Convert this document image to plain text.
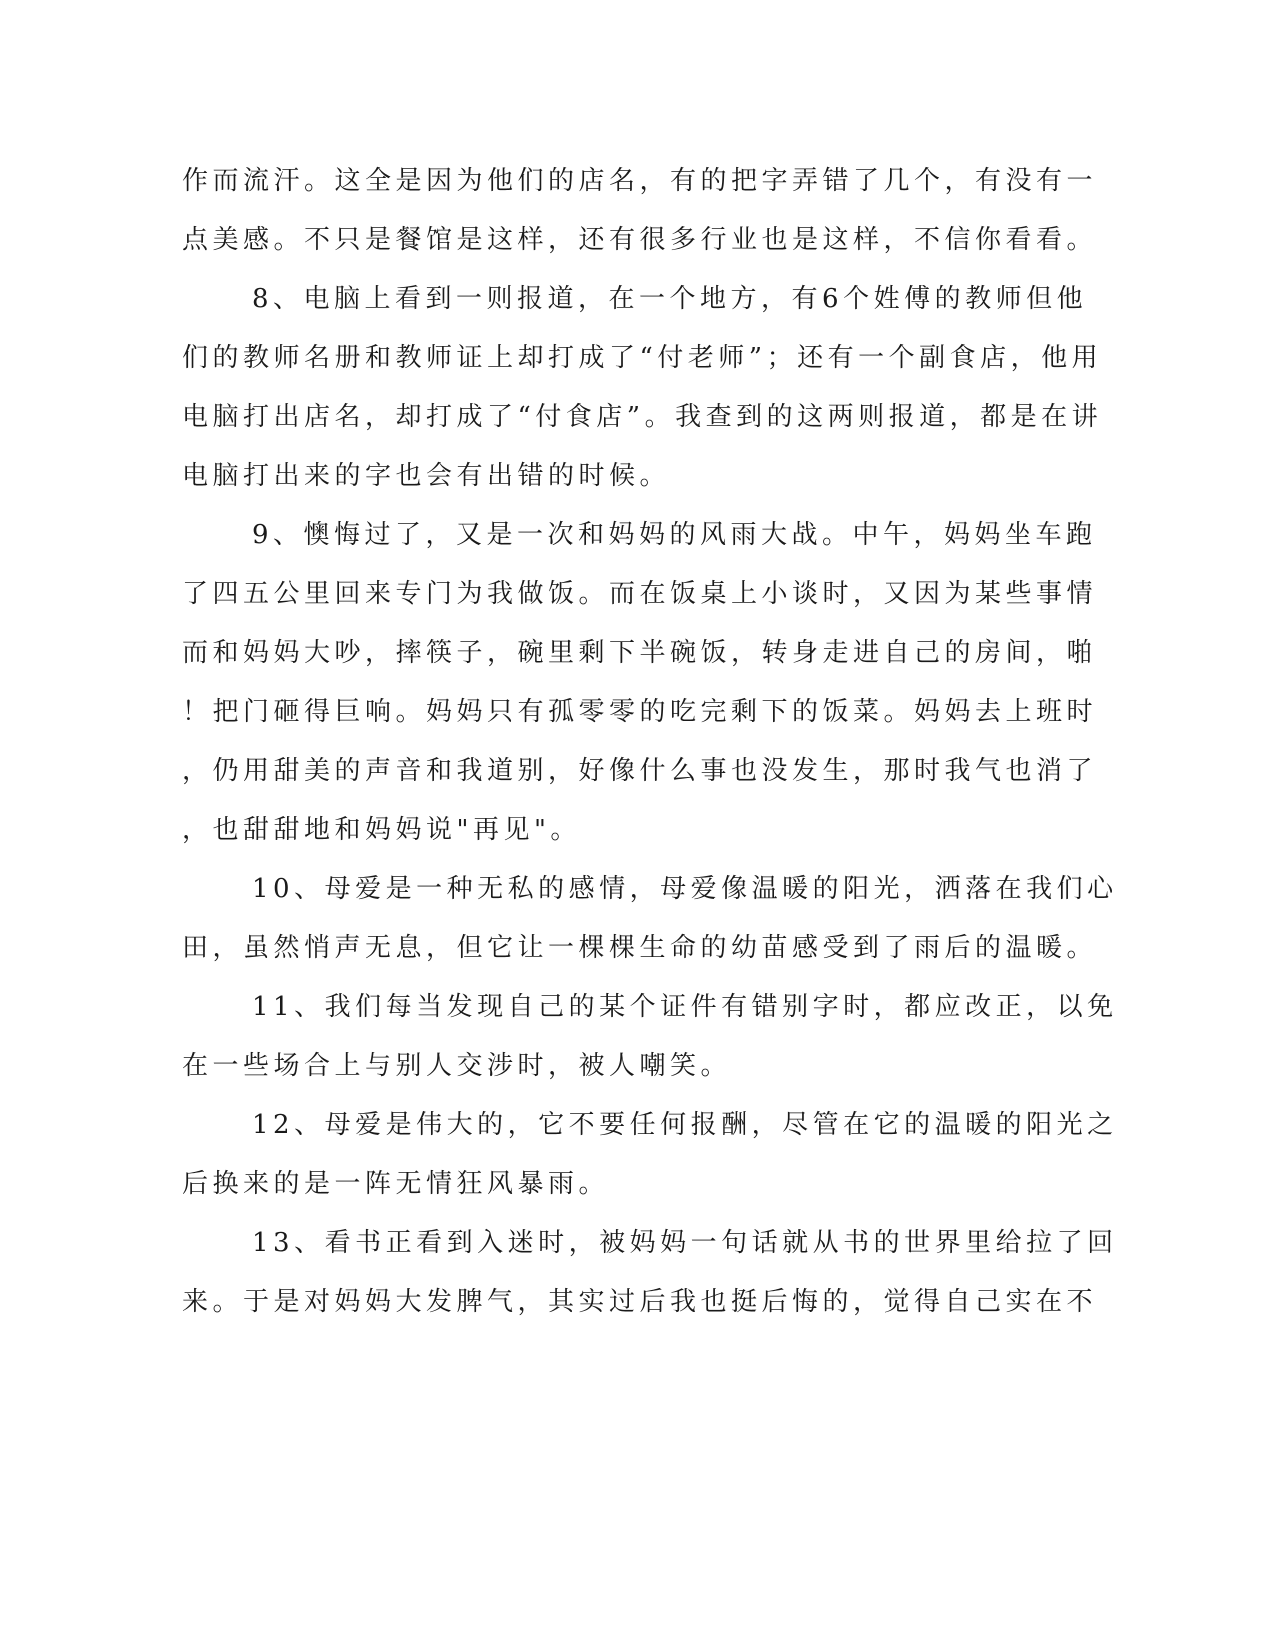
作而流汗。这全是因为他们的店名，有的把字弄错了几个，有没有一
点美感。不只是餐馆是这样，还有很多行业也是这样，不信你看看。
8、电脑上看到一则报道，在一个地方，有6个姓傅的教师但他
们的教师名册和教师证上却打成了“付老师”；还有一个副食店，他用
电脑打出店名，却打成了“付食店”。我查到的这两则报道，都是在讲
电脑打出来的字也会有出错的时候。
9、懊悔过了，又是一次和妈妈的风雨大战。中午，妈妈坐车跑
了四五公里回来专门为我做饭。而在饭桌上小谈时，又因为某些事情
而和妈妈大吵，摔筷子，碗里剩下半碗饭，转身走进自己的房间，啪
！把门砸得巨响。妈妈只有孤零零的吃完剩下的饭菜。妈妈去上班时
，仍用甜美的声音和我道别，好像什么事也没发生，那时我气也消了
，也甜甜地和妈妈说"再见"。
10、母爱是一种无私的感情，母爱像温暖的阳光，洒落在我们心
田，虽然悄声无息，但它让一棵棵生命的幼苗感受到了雨后的温暖。
11、我们每当发现自己的某个证件有错别字时，都应改正，以免
在一些场合上与别人交涉时，被人嘲笑。
12、母爱是伟大的，它不要任何报酬，尽管在它的温暖的阳光之
后换来的是一阵无情狂风暴雨。
13、看书正看到入迷时，被妈妈一句话就从书的世界里给拉了回
来。于是对妈妈大发脾气，其实过后我也挺后悔的，觉得自己实在不
